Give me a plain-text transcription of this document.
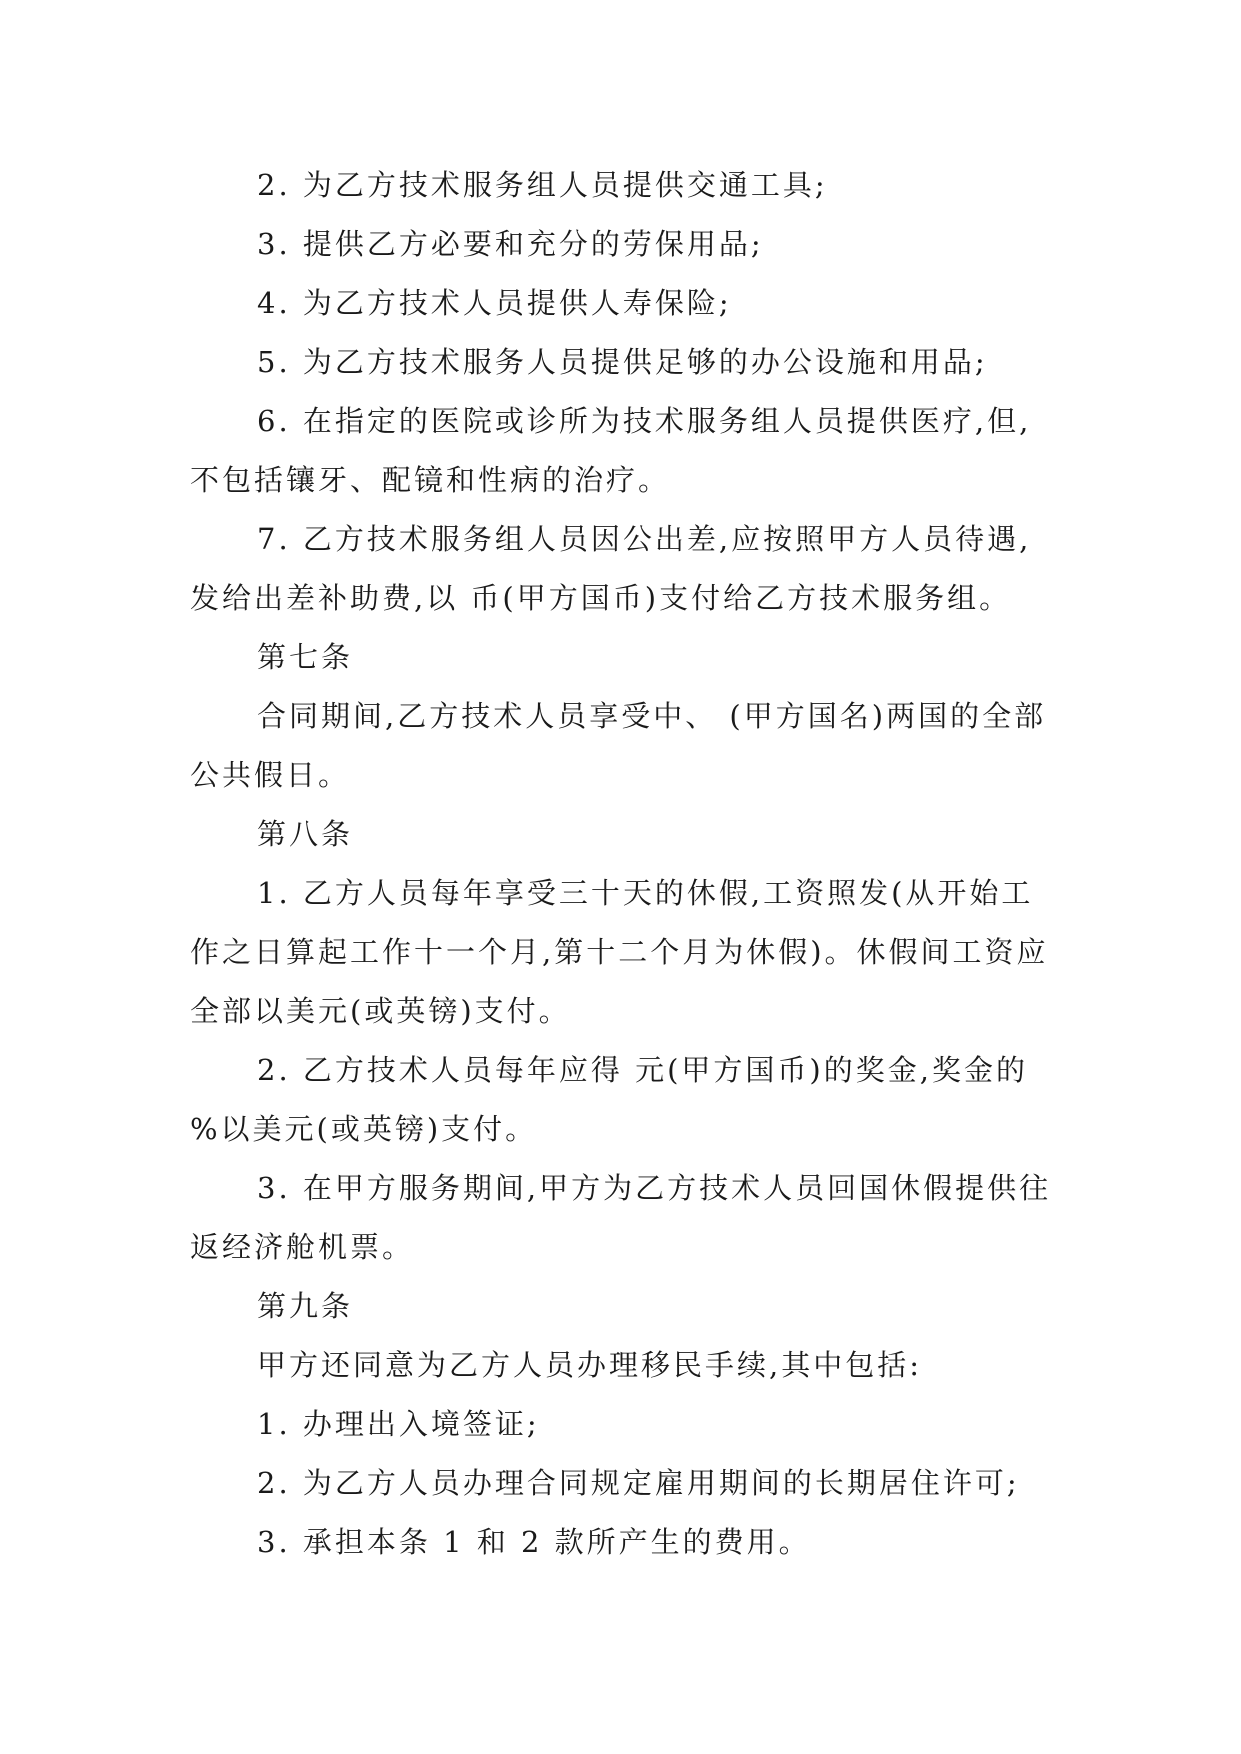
2. 为乙方技术服务组人员提供交通工具;

3. 提供乙方必要和充分的劳保用品;

4. 为乙方技术人员提供人寿保险;

5. 为乙方技术服务人员提供足够的办公设施和用品;

6. 在指定的医院或诊所为技术服务组人员提供医疗,但,不包括镶牙、配镜和性病的治疗。

7. 乙方技术服务组人员因公出差,应按照甲方人员待遇,发给出差补助费,以 币(甲方国币)支付给乙方技术服务组。

第七条

合同期间,乙方技术人员享受中、 (甲方国名)两国的全部公共假日。

第八条

1. 乙方人员每年享受三十天的休假,工资照发(从开始工作之日算起工作十一个月,第十二个月为休假)。休假间工资应全部以美元(或英镑)支付。

2. 乙方技术人员每年应得 元(甲方国币)的奖金,奖金的 %以美元(或英镑)支付。

3. 在甲方服务期间,甲方为乙方技术人员回国休假提供往返经济舱机票。

第九条

甲方还同意为乙方人员办理移民手续,其中包括:

1. 办理出入境签证;

2. 为乙方人员办理合同规定雇用期间的长期居住许可;

3. 承担本条 1 和 2 款所产生的费用。
